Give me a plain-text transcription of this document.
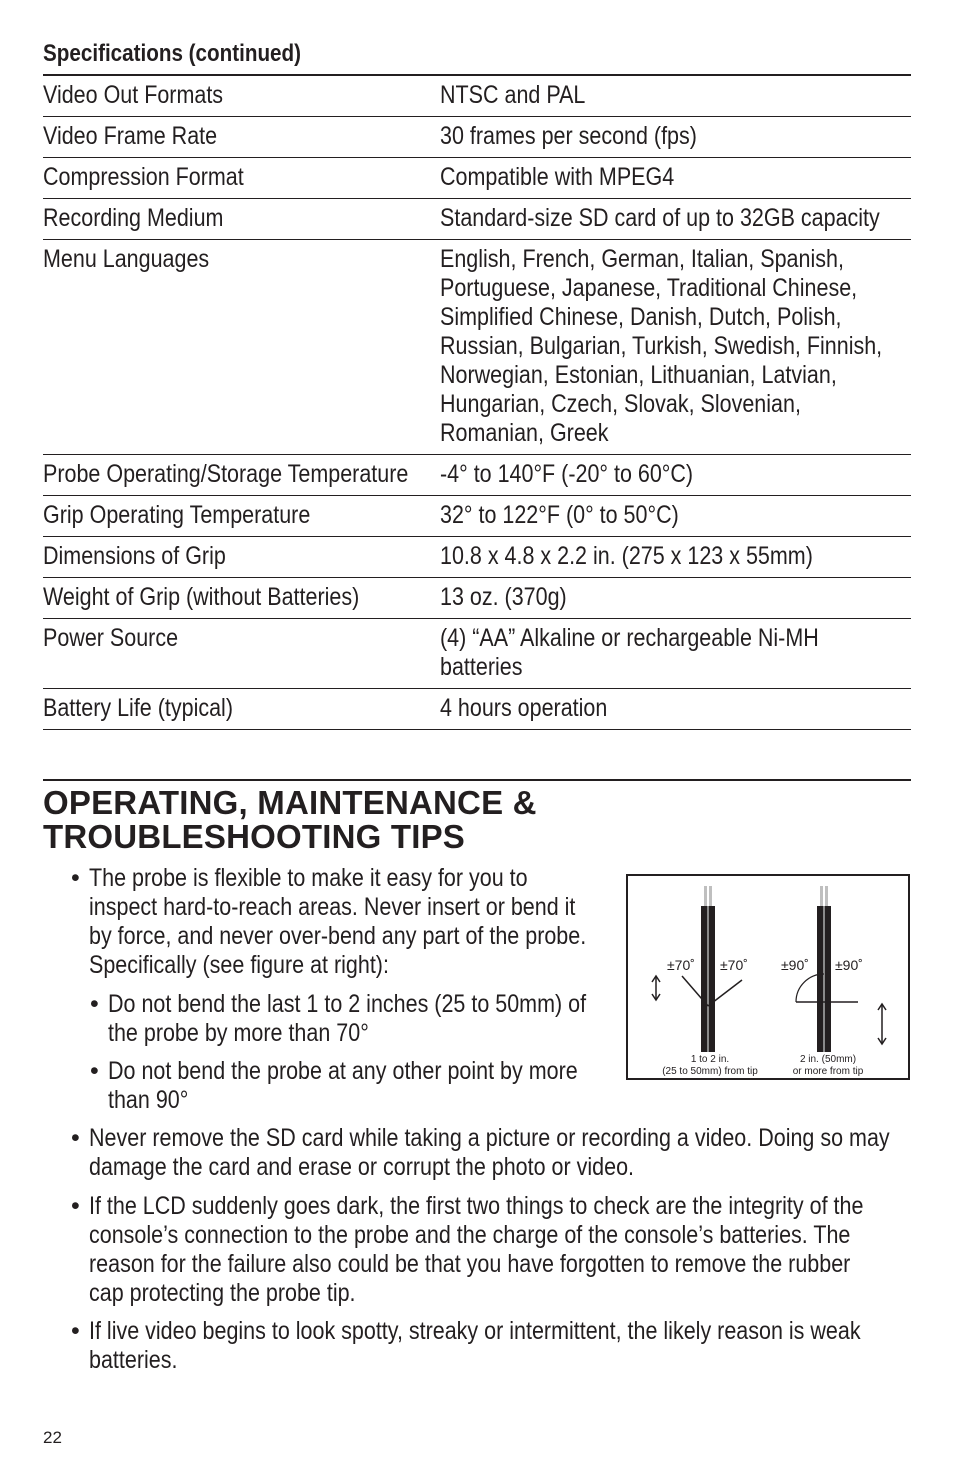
Specifications (continued)
Video Out Formats	NTSC and PAL
Video Frame Rate	30 frames per second (fps)
Compression Format	Compatible with MPEG4
Recording Medium	Standard-size SD card of up to 32GB capacity
Menu Languages	English, French, German, Italian, Spanish,
Portuguese, Japanese, Traditional Chinese,
Simplified Chinese, Danish, Dutch, Polish,
Russian, Bulgarian, Turkish, Swedish, Finnish,
Norwegian, Estonian, Lithuanian, Latvian,
Hungarian, Czech, Slovak, Slovenian,
Romanian, Greek
Probe Operating/Storage Temperature -4° to 140°F (-20° to 60°C)
Grip Operating Temperature	32° to 122°F (0° to 50°C)
Dimensions of Grip	10.8 x 4.8 x 2.2 in. (275 x 123 x 55mm)
Weight of Grip (without Batteries)	13 oz. (370g)
Power Source	(4) “AA” Alkaline or rechargeable Ni-MH
batteries
Battery Life (typical)	4 hours operation
OPERATING, MAINTENANCE &
TROUBLESHOOTING TIPS
• The probe is flexible to make it easy for you to
inspect hard-to-reach areas. Never insert or bend it
by force, and never over-bend any part of the probe.
Specifically (see figure at right):
• Do not bend the last 1 to 2 inches (25 to 50mm) of
the probe by more than 70°
• Do not bend the probe at any other point by more
than 90°
• Never remove the SD card while taking a picture or recording a video. Doing so may
damage the card and erase or corrupt the photo or video.
• If the LCD suddenly goes dark, the first two things to check are the integrity of the
console’s connection to the probe and the charge of the console’s batteries. The
reason for the failure also could be that you have forgotten to remove the rubber
cap protecting the probe tip.
• If live video begins to look spotty, streaky or intermittent, the likely reason is weak
batteries.
±70˚ ±70˚ ±90˚ ±90˚
1 to 2 in.
(25 to 50mm) from tip
2 in. (50mm)
or more from tip
22
